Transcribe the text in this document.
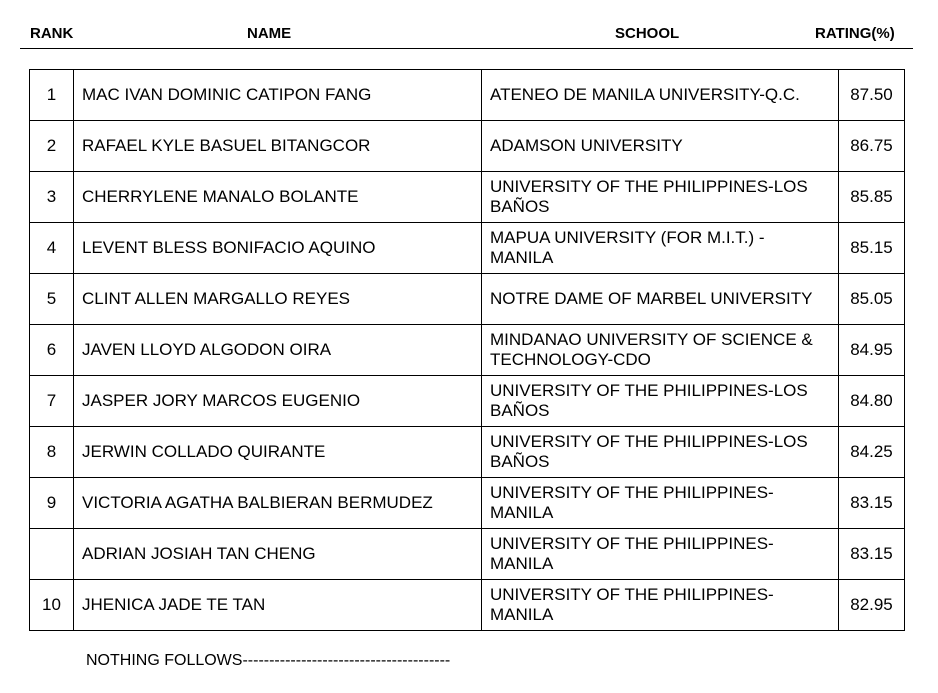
RANK	NAME	SCHOOL	RATING(%)
1	MAC IVAN DOMINIC CATIPON FANG	ATENEO DE MANILA UNIVERSITY-Q.C.	87.50
2	RAFAEL KYLE BASUEL BITANGCOR	ADAMSON UNIVERSITY	86.75
3	CHERRYLENE MANALO BOLANTE	UNIVERSITY OF THE PHILIPPINES-LOS BAÑOS	85.85
4	LEVENT BLESS BONIFACIO AQUINO	MAPUA UNIVERSITY (FOR M.I.T.) - MANILA	85.15
5	CLINT ALLEN MARGALLO REYES	NOTRE DAME OF MARBEL UNIVERSITY	85.05
6	JAVEN LLOYD ALGODON OIRA	MINDANAO UNIVERSITY OF SCIENCE & TECHNOLOGY-CDO	84.95
7	JASPER JORY MARCOS EUGENIO	UNIVERSITY OF THE PHILIPPINES-LOS BAÑOS	84.80
8	JERWIN COLLADO QUIRANTE	UNIVERSITY OF THE PHILIPPINES-LOS BAÑOS	84.25
9	VICTORIA AGATHA BALBIERAN BERMUDEZ	UNIVERSITY OF THE PHILIPPINES-MANILA	83.15
	ADRIAN JOSIAH TAN CHENG	UNIVERSITY OF THE PHILIPPINES-MANILA	83.15
10	JHENICA JADE TE TAN	UNIVERSITY OF THE PHILIPPINES-MANILA	82.95
NOTHING FOLLOWS---------------------------------------
